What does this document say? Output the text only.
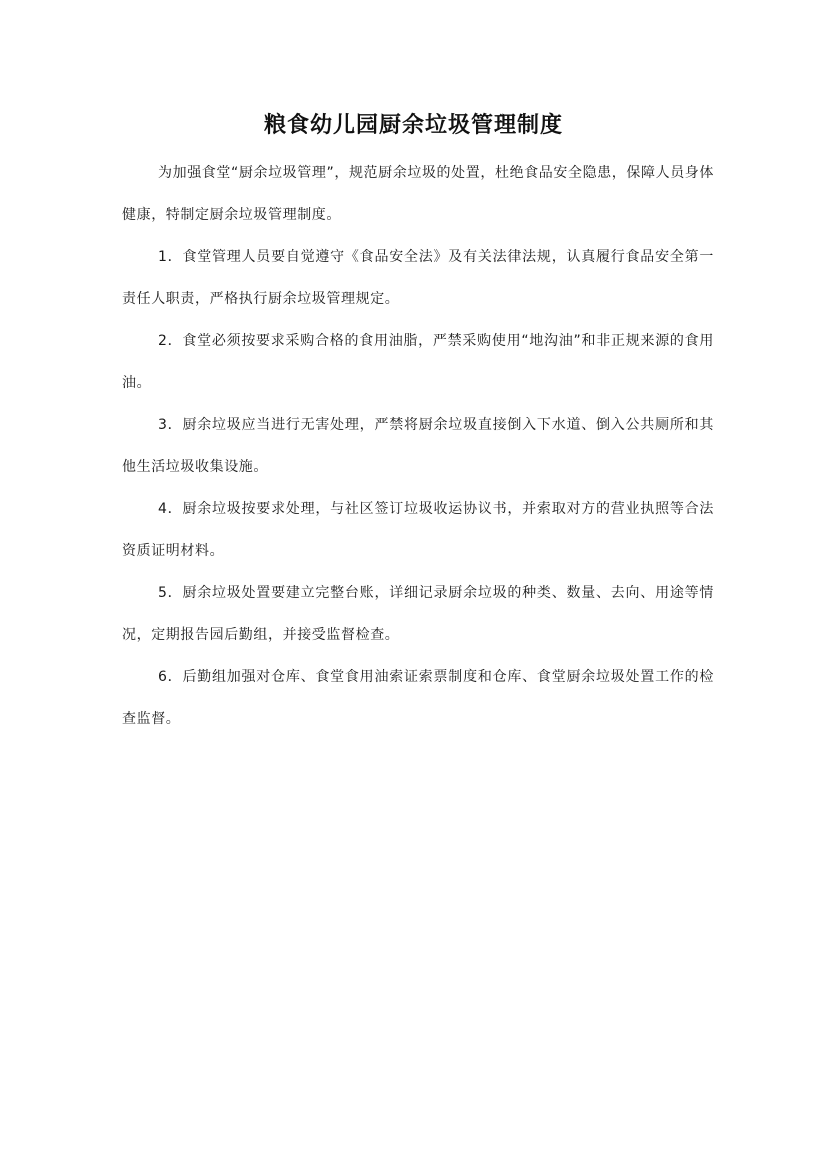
粮食幼儿园厨余垃圾管理制度

为加强食堂“厨余垃圾管理”，规范厨余垃圾的处置，杜绝食品安全隐患，保障人员身体健康，特制定厨余垃圾管理制度。

1．食堂管理人员要自觉遵守《食品安全法》及有关法律法规，认真履行食品安全第一责任人职责，严格执行厨余垃圾管理规定。

2．食堂必须按要求采购合格的食用油脂，严禁采购使用“地沟油”和非正规来源的食用油。

3．厨余垃圾应当进行无害处理，严禁将厨余垃圾直接倒入下水道、倒入公共厕所和其他生活垃圾收集设施。

4．厨余垃圾按要求处理，与社区签订垃圾收运协议书，并索取对方的营业执照等合法资质证明材料。

5．厨余垃圾处置要建立完整台账，详细记录厨余垃圾的种类、数量、去向、用途等情况，定期报告园后勤组，并接受监督检查。

6．后勤组加强对仓库、食堂食用油索证索票制度和仓库、食堂厨余垃圾处置工作的检查监督。
